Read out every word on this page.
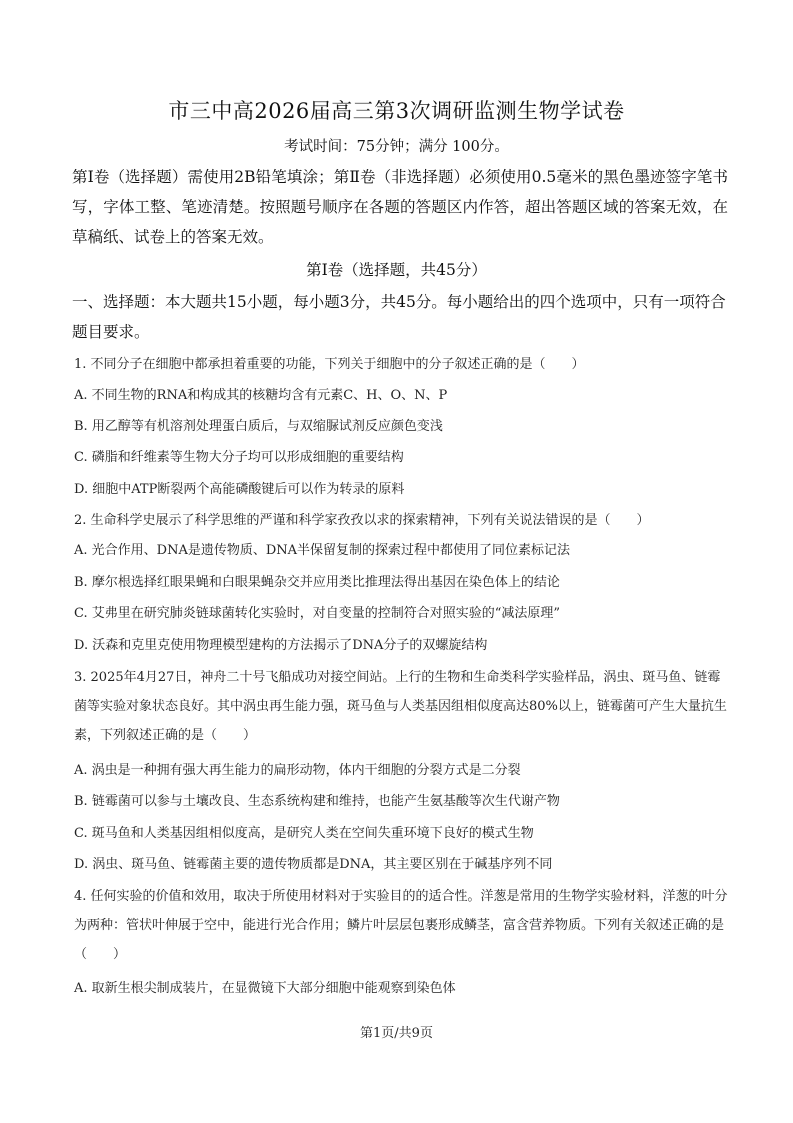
市三中高2026届高三第3次调研监测生物学试卷
考试时间：75分钟；满分 100分。
第Ⅰ卷（选择题）需使用2B铅笔填涂；第Ⅱ卷（非选择题）必须使用0.5毫米的黑色墨迹签字笔书写，字体工整、笔迹清楚。按照题号顺序在各题的答题区内作答，超出答题区域的答案无效，在草稿纸、试卷上的答案无效。
第Ⅰ卷（选择题，共45分）
一、选择题：本大题共15小题，每小题3分，共45分。每小题给出的四个选项中，只有一项符合题目要求。
1. 不同分子在细胞中都承担着重要的功能，下列关于细胞中的分子叙述正确的是（　　）
A. 不同生物的RNA和构成其的核糖均含有元素C、H、O、N、P
B. 用乙醇等有机溶剂处理蛋白质后，与双缩脲试剂反应颜色变浅
C. 磷脂和纤维素等生物大分子均可以形成细胞的重要结构
D. 细胞中ATP断裂两个高能磷酸键后可以作为转录的原料
2. 生命科学史展示了科学思维的严谨和科学家孜孜以求的探索精神，下列有关说法错误的是（　　）
A. 光合作用、DNA是遗传物质、DNA半保留复制的探索过程中都使用了同位素标记法
B. 摩尔根选择红眼果蝇和白眼果蝇杂交并应用类比推理法得出基因在染色体上的结论
C. 艾弗里在研究肺炎链球菌转化实验时，对自变量的控制符合对照实验的“减法原理”
D. 沃森和克里克使用物理模型建构的方法揭示了DNA分子的双螺旋结构
3. 2025年4月27日，神舟二十号飞船成功对接空间站。上行的生物和生命类科学实验样品，涡虫、斑马鱼、链霉菌等实验对象状态良好。其中涡虫再生能力强，斑马鱼与人类基因组相似度高达80%以上，链霉菌可产生大量抗生素，下列叙述正确的是（　　）
A. 涡虫是一种拥有强大再生能力的扁形动物，体内干细胞的分裂方式是二分裂
B. 链霉菌可以参与土壤改良、生态系统构建和维持，也能产生氨基酸等次生代谢产物
C. 斑马鱼和人类基因组相似度高，是研究人类在空间失重环境下良好的模式生物
D. 涡虫、斑马鱼、链霉菌主要的遗传物质都是DNA，其主要区别在于碱基序列不同
4. 任何实验的价值和效用，取决于所使用材料对于实验目的的适合性。洋葱是常用的生物学实验材料，洋葱的叶分为两种：管状叶伸展于空中，能进行光合作用；鳞片叶层层包裹形成鳞茎，富含营养物质。下列有关叙述正确的是（　　）
A. 取新生根尖制成装片，在显微镜下大部分细胞中能观察到染色体
第1页/共9页
